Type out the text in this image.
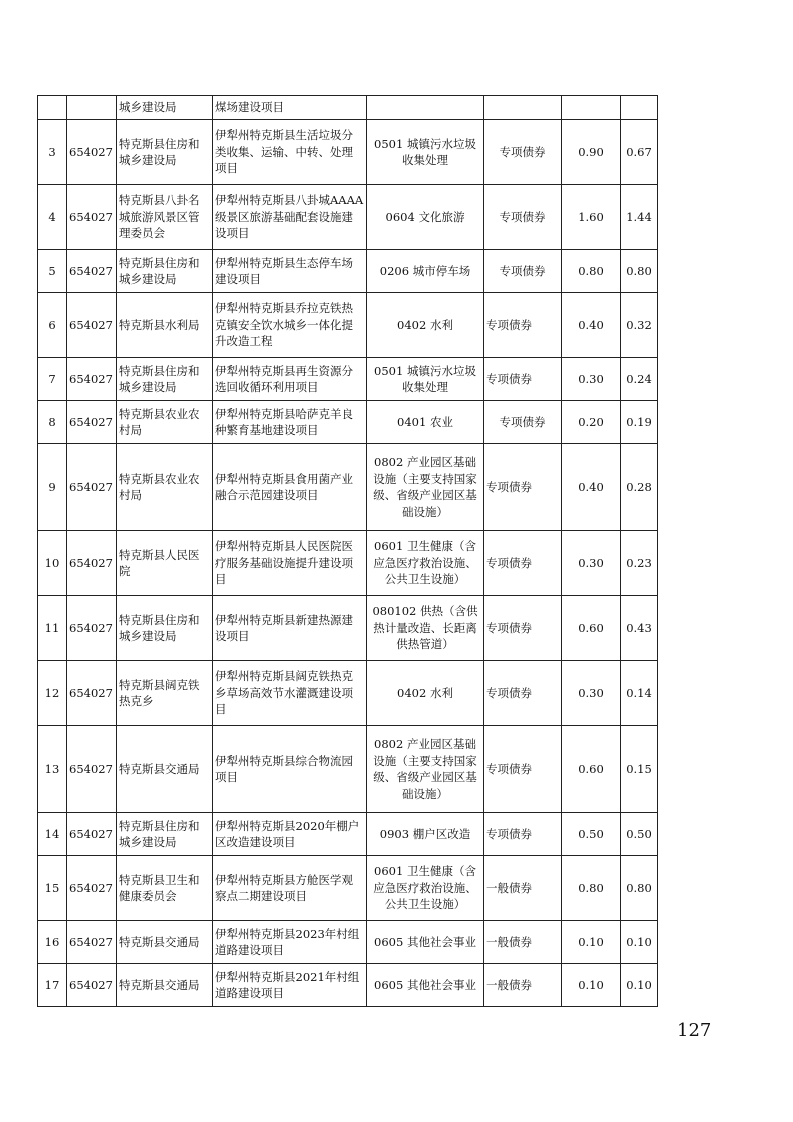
		城乡建设局	煤场建设项目				
3	654027	特克斯县住房和城乡建设局	伊犁州特克斯县生活垃圾分类收集、运输、中转、处理项目	0501 城镇污水垃圾收集处理	专项债券	0.90	0.67
4	654027	特克斯县八卦名城旅游风景区管理委员会	伊犁州特克斯县八卦城AAAA级景区旅游基础配套设施建设项目	0604 文化旅游	专项债券	1.60	1.44
5	654027	特克斯县住房和城乡建设局	伊犁州特克斯县生态停车场建设项目	0206 城市停车场	专项债券	0.80	0.80
6	654027	特克斯县水利局	伊犁州特克斯县乔拉克铁热克镇安全饮水城乡一体化提升改造工程	0402 水利	专项债券	0.40	0.32
7	654027	特克斯县住房和城乡建设局	伊犁州特克斯县再生资源分选回收循环利用项目	0501 城镇污水垃圾收集处理	专项债券	0.30	0.24
8	654027	特克斯县农业农村局	伊犁州特克斯县哈萨克羊良种繁育基地建设项目	0401 农业	专项债券	0.20	0.19
9	654027	特克斯县农业农村局	伊犁州特克斯县食用菌产业融合示范园建设项目	0802 产业园区基础设施（主要支持国家级、省级产业园区基础设施）	专项债券	0.40	0.28
10	654027	特克斯县人民医院	伊犁州特克斯县人民医院医疗服务基础设施提升建设项目	0601 卫生健康（含应急医疗救治设施、公共卫生设施）	专项债券	0.30	0.23
11	654027	特克斯县住房和城乡建设局	伊犁州特克斯县新建热源建设项目	080102 供热（含供热计量改造、长距离供热管道）	专项债券	0.60	0.43
12	654027	特克斯县阔克铁热克乡	伊犁州特克斯县阔克铁热克乡草场高效节水灌溉建设项目	0402 水利	专项债券	0.30	0.14
13	654027	特克斯县交通局	伊犁州特克斯县综合物流园项目	0802 产业园区基础设施（主要支持国家级、省级产业园区基础设施）	专项债券	0.60	0.15
14	654027	特克斯县住房和城乡建设局	伊犁州特克斯县2020年棚户区改造建设项目	0903 棚户区改造	专项债券	0.50	0.50
15	654027	特克斯县卫生和健康委员会	伊犁州特克斯县方舱医学观察点二期建设项目	0601 卫生健康（含应急医疗救治设施、公共卫生设施）	一般债券	0.80	0.80
16	654027	特克斯县交通局	伊犁州特克斯县2023年村组道路建设项目	0605 其他社会事业	一般债券	0.10	0.10
17	654027	特克斯县交通局	伊犁州特克斯县2021年村组道路建设项目	0605 其他社会事业	一般债券	0.10	0.10
127
